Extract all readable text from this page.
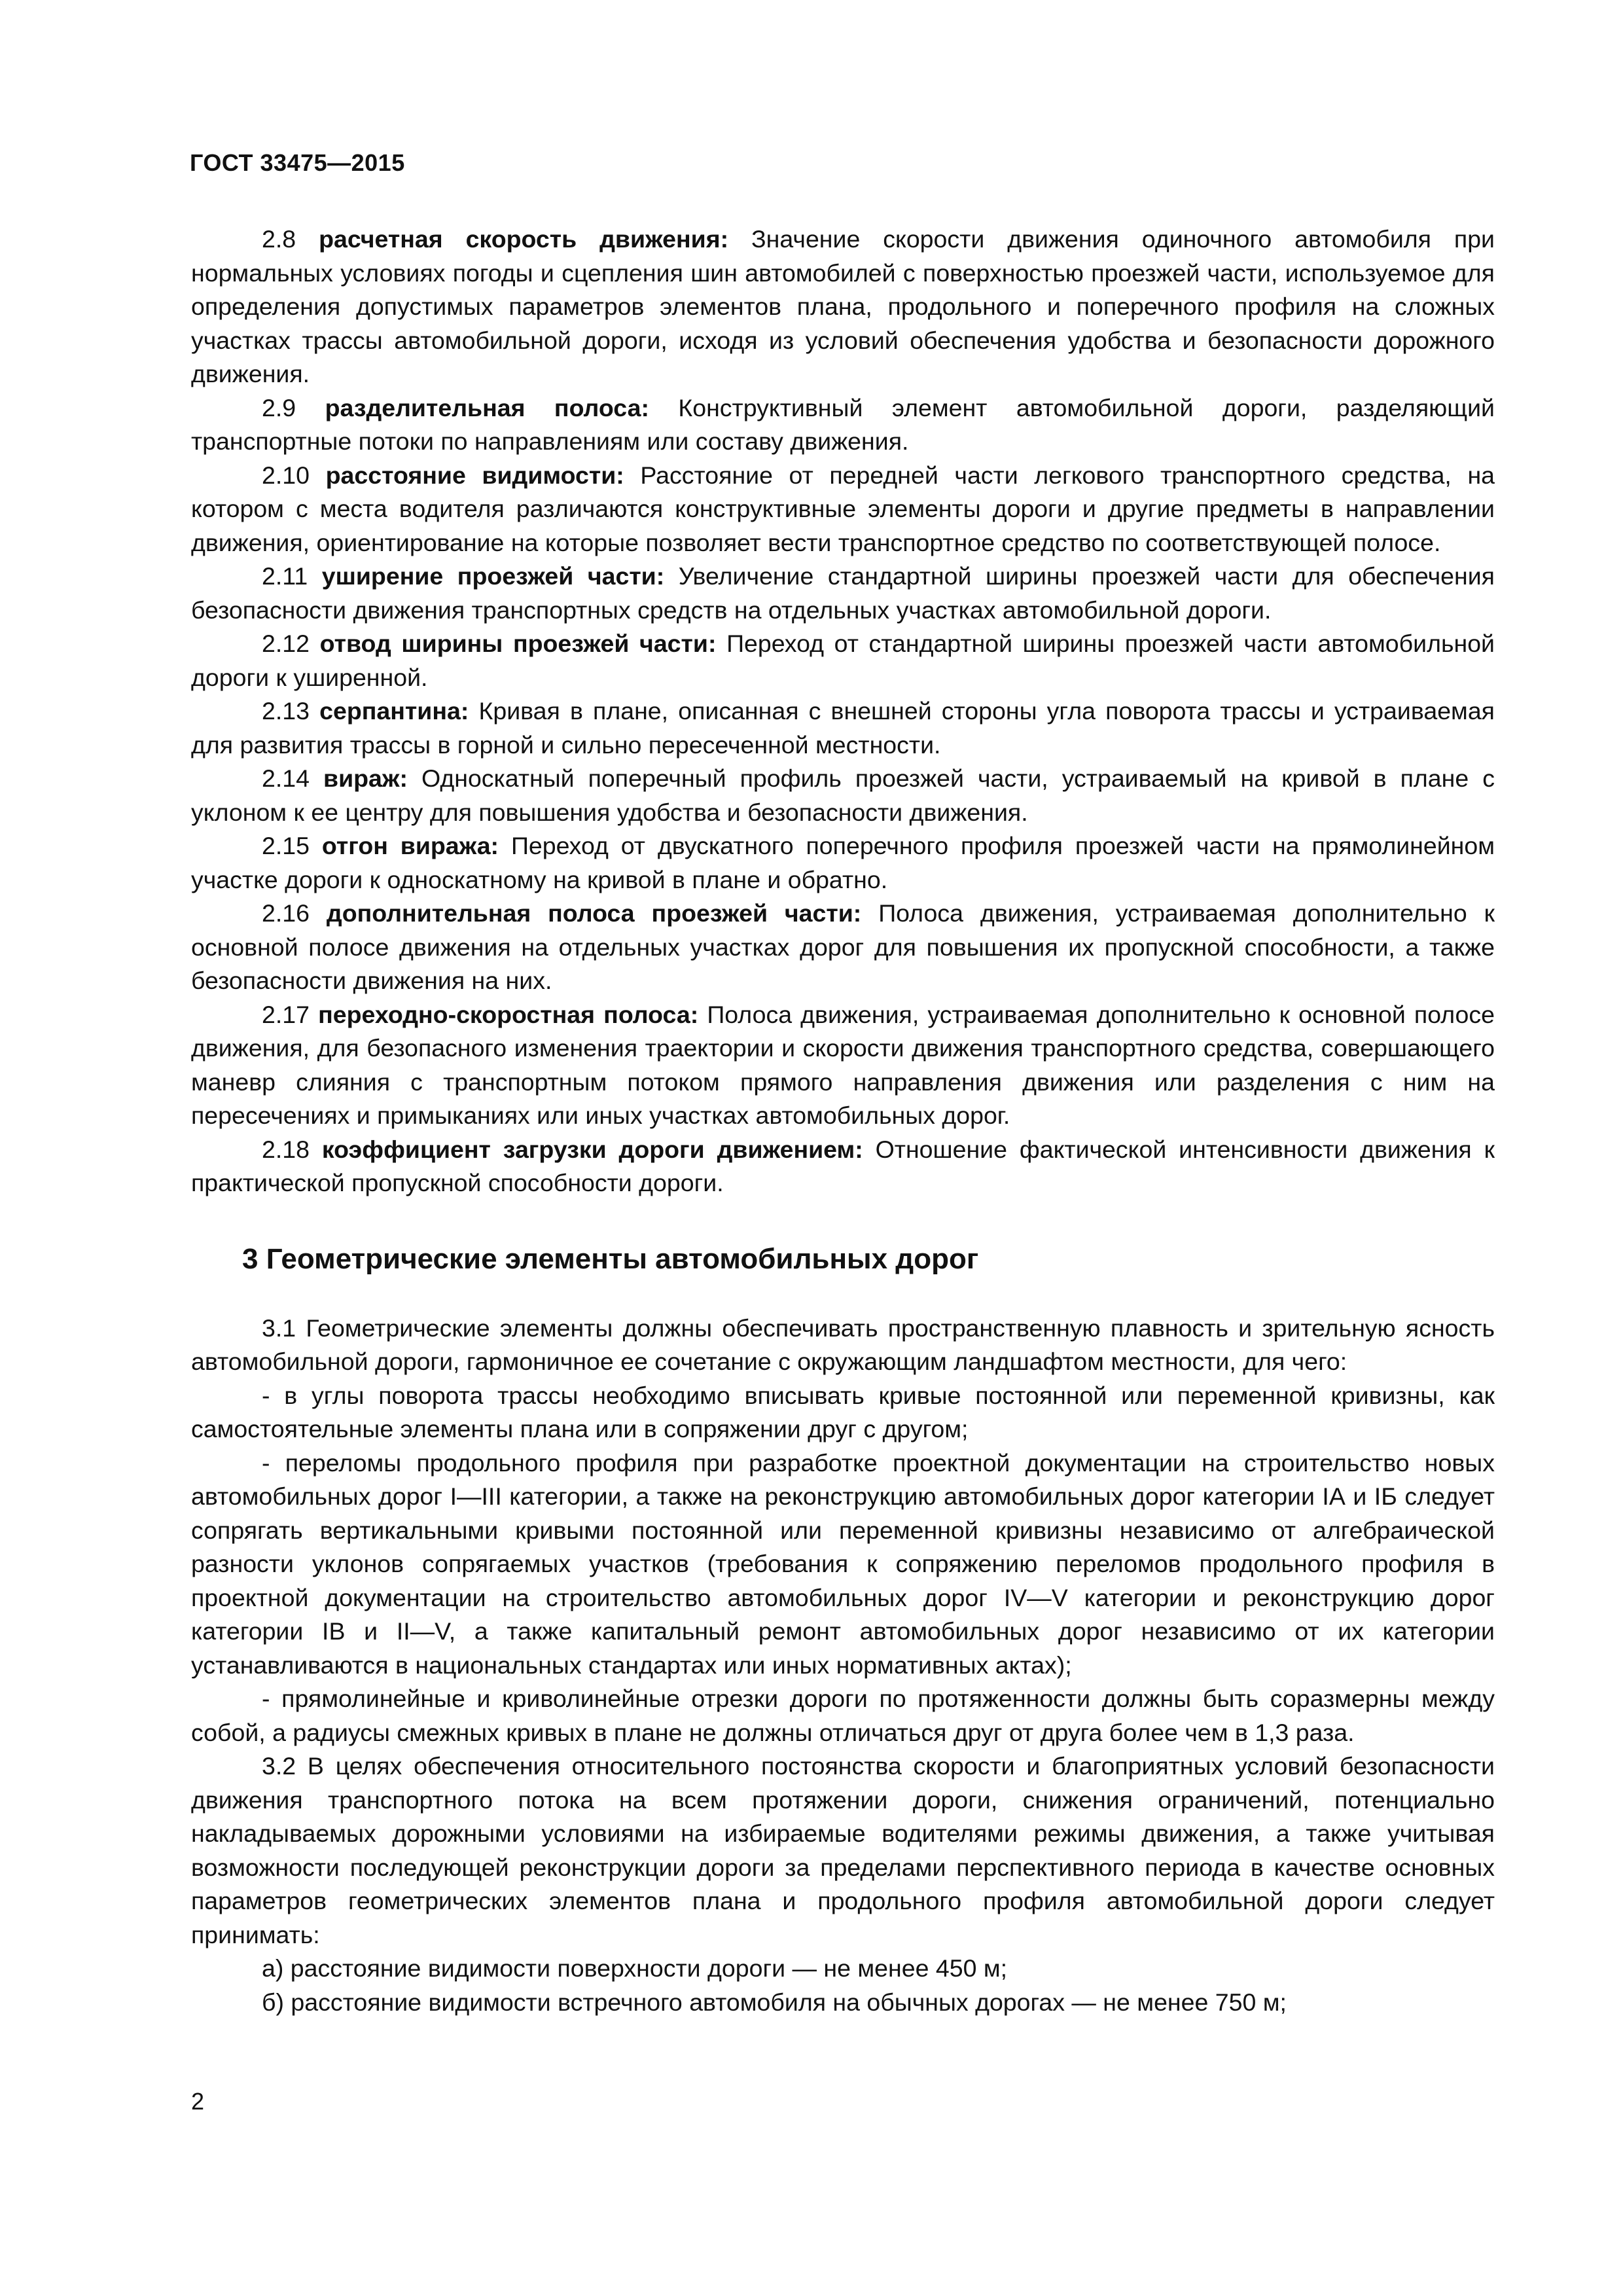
ГОСТ 33475—2015

2.8 расчетная скорость движения: Значение скорости движения одиночного автомобиля при нормальных условиях погоды и сцепления шин автомобилей с поверхностью проезжей части, используемое для определения допустимых параметров элементов плана, продольного и поперечного профиля на сложных участках трассы автомобильной дороги, исходя из условий обеспечения удобства и безопасности дорожного движения.

2.9 разделительная полоса: Конструктивный элемент автомобильной дороги, разделяющий транспортные потоки по направлениям или составу движения.

2.10 расстояние видимости: Расстояние от передней части легкового транспортного средства, на котором с места водителя различаются конструктивные элементы дороги и другие предметы в направлении движения, ориентирование на которые позволяет вести транспортное средство по соответствующей полосе.

2.11 уширение проезжей части: Увеличение стандартной ширины проезжей части для обеспечения безопасности движения транспортных средств на отдельных участках автомобильной дороги.

2.12 отвод ширины проезжей части: Переход от стандартной ширины проезжей части автомобильной дороги к уширенной.

2.13 серпантина: Кривая в плане, описанная с внешней стороны угла поворота трассы и устраиваемая для развития трассы в горной и сильно пересеченной местности.

2.14 вираж: Односкатный поперечный профиль проезжей части, устраиваемый на кривой в плане с уклоном к ее центру для повышения удобства и безопасности движения.

2.15 отгон виража: Переход от двускатного поперечного профиля проезжей части на прямолинейном участке дороги к односкатному на кривой в плане и обратно.

2.16 дополнительная полоса проезжей части: Полоса движения, устраиваемая дополнительно к основной полосе движения на отдельных участках дорог для повышения их пропускной способности, а также безопасности движения на них.

2.17 переходно-скоростная полоса: Полоса движения, устраиваемая дополнительно к основной полосе движения, для безопасного изменения траектории и скорости движения транспортного средства, совершающего маневр слияния с транспортным потоком прямого направления движения или разделения с ним на пересечениях и примыканиях или иных участках автомобильных дорог.

2.18 коэффициент загрузки дороги движением: Отношение фактической интенсивности движения к практической пропускной способности дороги.

3 Геометрические элементы автомобильных дорог

3.1 Геометрические элементы должны обеспечивать пространственную плавность и зрительную ясность автомобильной дороги, гармоничное ее сочетание с окружающим ландшафтом местности, для чего:

- в углы поворота трассы необходимо вписывать кривые постоянной или переменной кривизны, как самостоятельные элементы плана или в сопряжении друг с другом;

- переломы продольного профиля при разработке проектной документации на строительство новых автомобильных дорог I—III категории, а также на реконструкцию автомобильных дорог категории IА и IБ следует сопрягать вертикальными кривыми постоянной или переменной кривизны независимо от алгебраической разности уклонов сопрягаемых участков (требования к сопряжению переломов продольного профиля в проектной документации на строительство автомобильных дорог IV—V категории и реконструкцию дорог категории IВ и II—V, а также капитальный ремонт автомобильных дорог независимо от их категории устанавливаются в национальных стандартах или иных нормативных актах);

- прямолинейные и криволинейные отрезки дороги по протяженности должны быть соразмерны между собой, а радиусы смежных кривых в плане не должны отличаться друг от друга более чем в 1,3 раза.

3.2 В целях обеспечения относительного постоянства скорости и благоприятных условий безопасности движения транспортного потока на всем протяжении дороги, снижения ограничений, потенциально накладываемых дорожными условиями на избираемые водителями режимы движения, а также учитывая возможности последующей реконструкции дороги за пределами перспективного периода в качестве основных параметров геометрических элементов плана и продольного профиля автомобильной дороги следует принимать:

а) расстояние видимости поверхности дороги — не менее 450 м;

б) расстояние видимости встречного автомобиля на обычных дорогах — не менее 750 м;

2
